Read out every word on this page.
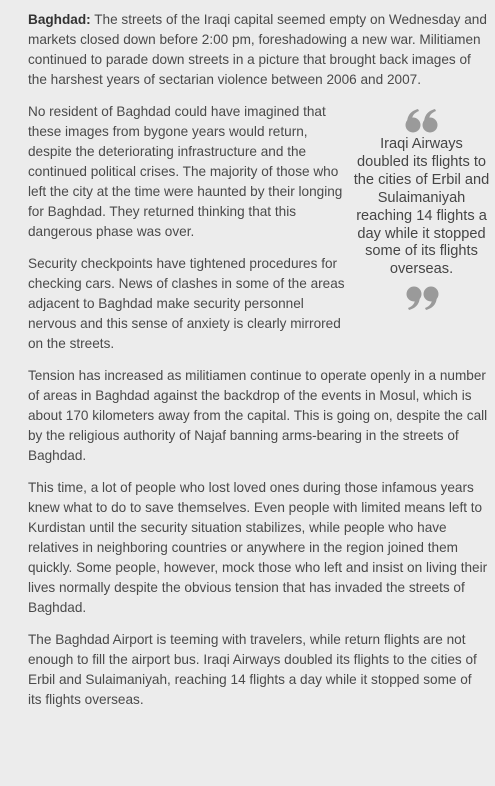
Baghdad: The streets of the Iraqi capital seemed empty on Wednesday and markets closed down before 2:00 pm, foreshadowing a new war. Militiamen continued to parade down streets in a picture that brought back images of the harshest years of sectarian violence between 2006 and 2007.

No resident of Baghdad could have imagined that these images from bygone years would return, despite the deteriorating infrastructure and the continued political crises. The majority of those who left the city at the time were haunted by their longing for Baghdad. They returned thinking that this dangerous phase was over.

Security checkpoints have tightened procedures for checking cars. News of clashes in some of the areas adjacent to Baghdad make security personnel nervous and this sense of anxiety is clearly mirrored on the streets.

Iraqi Airways doubled its flights to the cities of Erbil and Sulaimaniyah reaching 14 flights a day while it stopped some of its flights overseas.

Tension has increased as militiamen continue to operate openly in a number of areas in Baghdad against the backdrop of the events in Mosul, which is about 170 kilometers away from the capital. This is going on, despite the call by the religious authority of Najaf banning arms-bearing in the streets of Baghdad.

This time, a lot of people who lost loved ones during those infamous years knew what to do to save themselves. Even people with limited means left to Kurdistan until the security situation stabilizes, while people who have relatives in neighboring countries or anywhere in the region joined them quickly. Some people, however, mock those who left and insist on living their lives normally despite the obvious tension that has invaded the streets of Baghdad.

The Baghdad Airport is teeming with travelers, while return flights are not enough to fill the airport bus. Iraqi Airways doubled its flights to the cities of Erbil and Sulaimaniyah, reaching 14 flights a day while it stopped some of its flights overseas.
